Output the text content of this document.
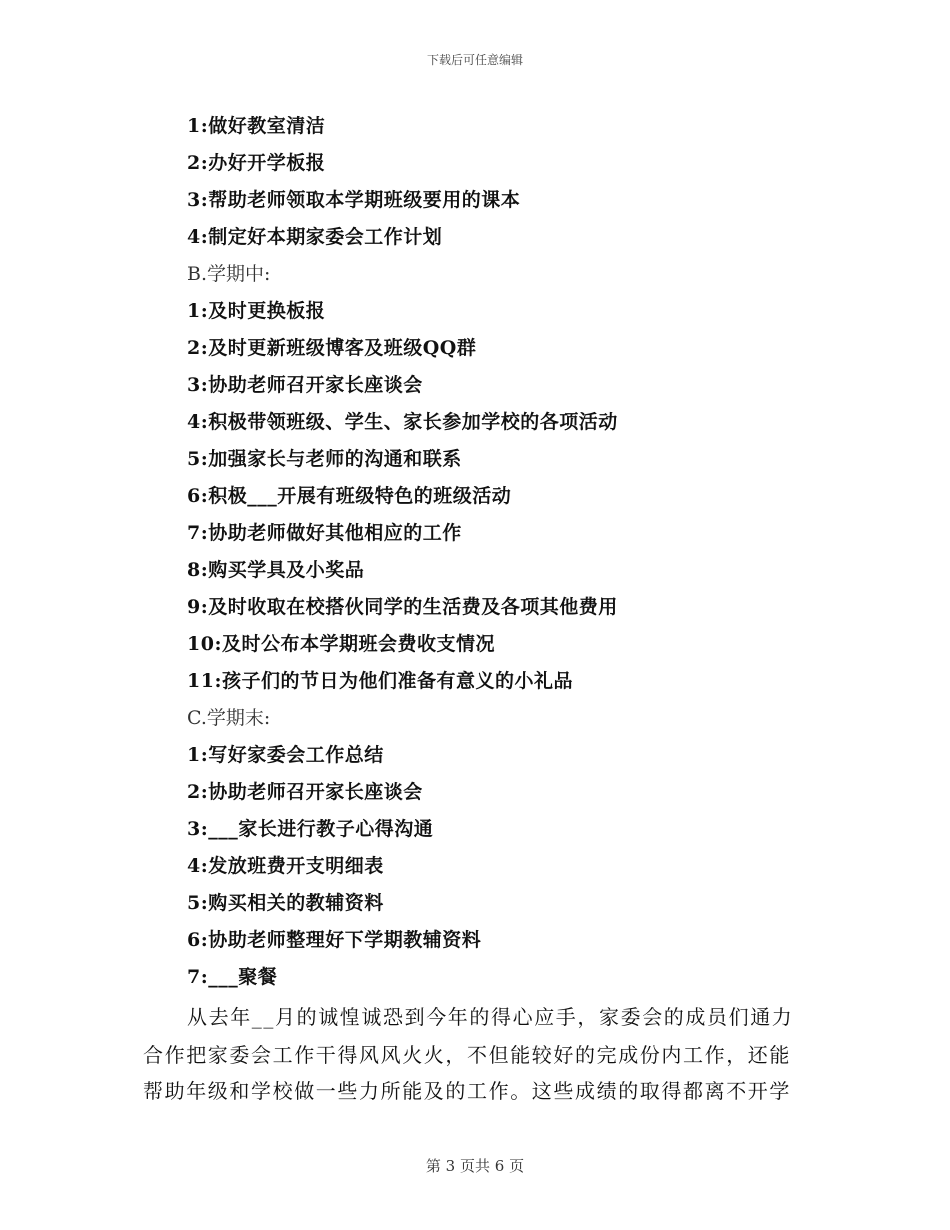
下载后可任意编辑
1:做好教室清洁
2:办好开学板报
3:帮助老师领取本学期班级要用的课本
4:制定好本期家委会工作计划
B.学期中:
1:及时更换板报
2:及时更新班级博客及班级QQ群
3:协助老师召开家长座谈会
4:积极带领班级、学生、家长参加学校的各项活动
5:加强家长与老师的沟通和联系
6:积极___开展有班级特色的班级活动
7:协助老师做好其他相应的工作
8:购买学具及小奖品
9:及时收取在校搭伙同学的生活费及各项其他费用
10:及时公布本学期班会费收支情况
11:孩子们的节日为他们准备有意义的小礼品
C.学期末:
1:写好家委会工作总结
2:协助老师召开家长座谈会
3:___家长进行教子心得沟通
4:发放班费开支明细表
5:购买相关的教辅资料
6:协助老师整理好下学期教辅资料
7:___聚餐
从去年__月的诚惶诚恐到今年的得心应手，家委会的成员们通力
合作把家委会工作干得风风火火，不但能较好的完成份内工作，还能
帮助年级和学校做一些力所能及的工作。这些成绩的取得都离不开学
第 3 页共 6 页
